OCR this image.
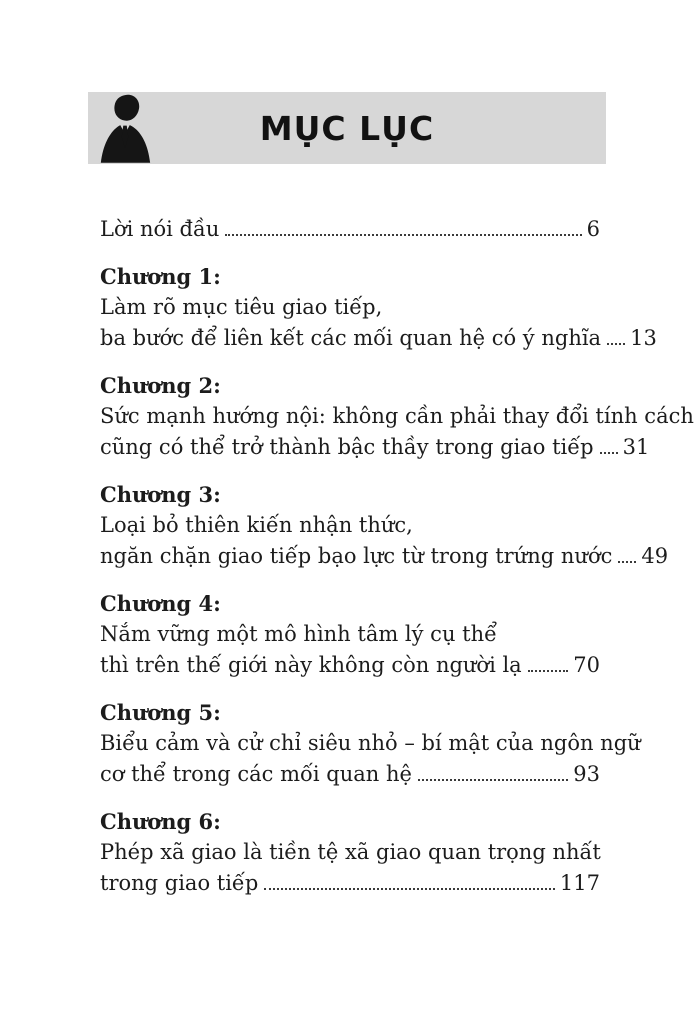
MỤC LỤC
Lời nói đầu	6
Chương 1:
Làm rõ mục tiêu giao tiếp,
ba bước để liên kết các mối quan hệ có ý nghĩa 13
Chương 2:
Sức mạnh hướng nội: không cần phải thay đổi tính cách
cũng có thể trở thành bậc thầy trong giao tiếp 31
Chương 3:
Loại bỏ thiên kiến nhận thức,
ngăn chặn giao tiếp bạo lực từ trong trứng nước 49
Chương 4:
Nắm vững một mô hình tâm lý cụ thể
thì trên thế giới này không còn người lạ 70
Chương 5:
Biểu cảm và cử chỉ siêu nhỏ – bí mật của ngôn ngữ
cơ thể trong các mối quan hệ	93
Chương 6:
Phép xã giao là tiền tệ xã giao quan trọng nhất
trong giao tiếp	117
